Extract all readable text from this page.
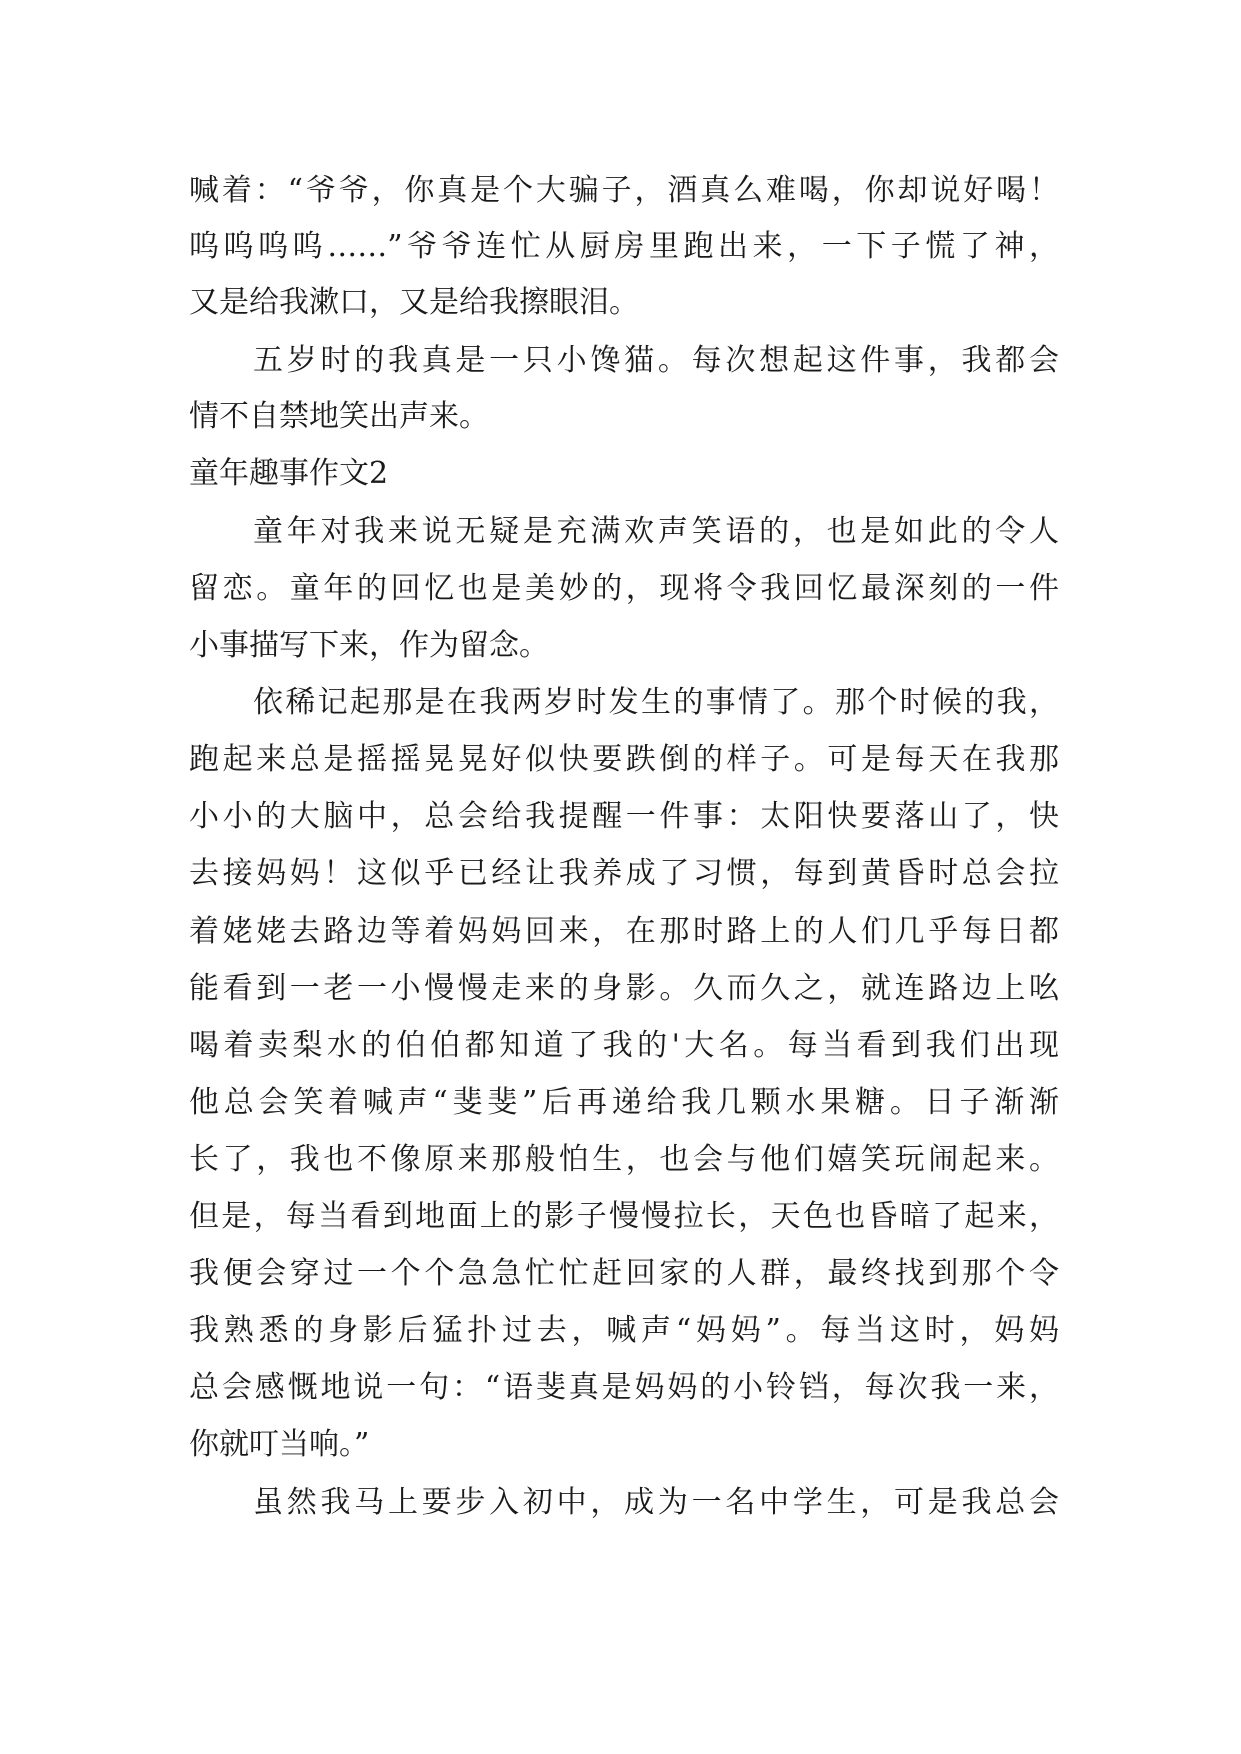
喊着：“爷爷，你真是个大骗子，酒真么难喝，你却说好喝！
呜呜呜呜……”爷爷连忙从厨房里跑出来，一下子慌了神，
又是给我漱口，又是给我擦眼泪。
五岁时的我真是一只小馋猫。每次想起这件事，我都会
情不自禁地笑出声来。
童年趣事作文2
童年对我来说无疑是充满欢声笑语的，也是如此的令人
留恋。童年的回忆也是美妙的，现将令我回忆最深刻的一件
小事描写下来，作为留念。
依稀记起那是在我两岁时发生的事情了。那个时候的我，
跑起来总是摇摇晃晃好似快要跌倒的样子。可是每天在我那
小小的大脑中，总会给我提醒一件事：太阳快要落山了，快
去接妈妈！这似乎已经让我养成了习惯，每到黄昏时总会拉
着姥姥去路边等着妈妈回来，在那时路上的人们几乎每日都
能看到一老一小慢慢走来的身影。久而久之，就连路边上吆
喝着卖梨水的伯伯都知道了我的'大名。每当看到我们出现
他总会笑着喊声“斐斐”后再递给我几颗水果糖。日子渐渐
长了，我也不像原来那般怕生，也会与他们嬉笑玩闹起来。
但是，每当看到地面上的影子慢慢拉长，天色也昏暗了起来，
我便会穿过一个个急急忙忙赶回家的人群，最终找到那个令
我熟悉的身影后猛扑过去，喊声“妈妈”。每当这时，妈妈
总会感慨地说一句：“语斐真是妈妈的小铃铛，每次我一来，
你就叮当响。”
虽然我马上要步入初中，成为一名中学生，可是我总会
